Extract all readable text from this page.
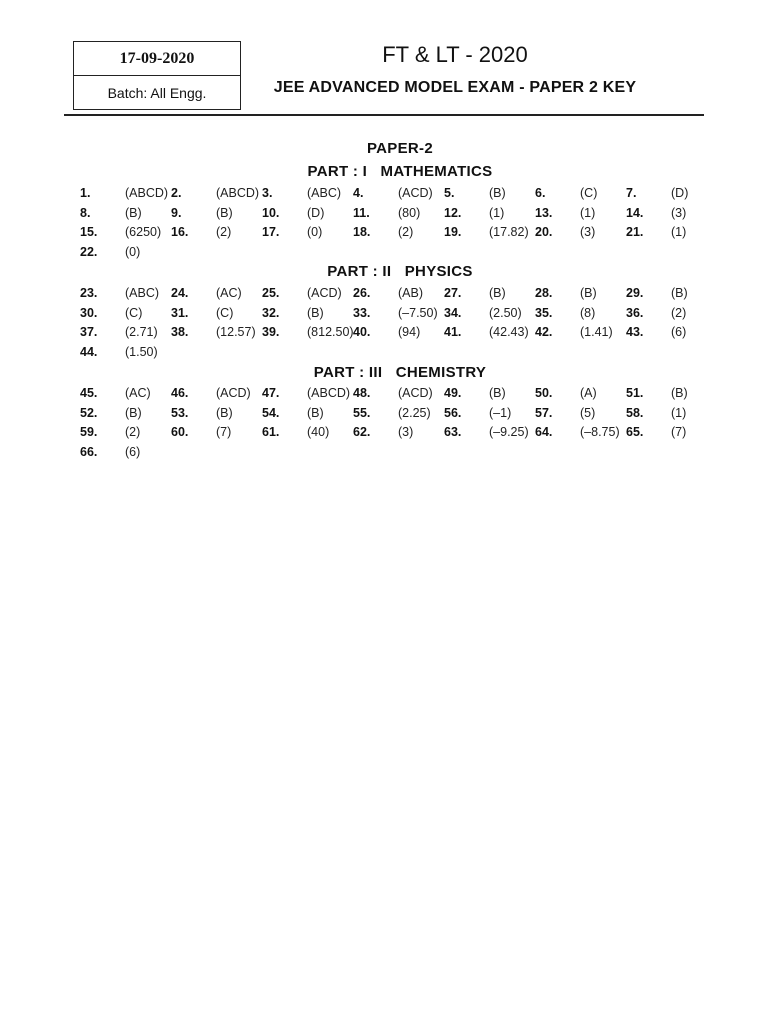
17-09-2020
Batch: All Engg.
FT & LT - 2020
JEE ADVANCED MODEL EXAM - PAPER 2 KEY
PAPER-2
PART : I   MATHEMATICS
1.	(ABCD) 2.	(ABCD) 3.	(ABC) 4.	(ACD) 5.	(B) 6.	(C) 7.	(D)
8.	(B) 9.	(B) 10. (D) 11. (80) 12. (1) 13. (1) 14. (3)
15. (6250) 16. (2) 17. (0) 18. (2) 19. (17.82) 20. (3) 21. (1)
22. (0)
PART : II   PHYSICS
23. (ABC) 24. (AC) 25. (ACD) 26. (AB) 27. (B) 28. (B) 29. (B)
30. (C) 31. (C) 32. (B) 33. (–7.50) 34. (2.50) 35. (8) 36. (2)
37. (2.71) 38. (12.57) 39. (812.50) 40. (94) 41. (42.43) 42. (1.41) 43. (6)
44. (1.50)
PART : III   CHEMISTRY
45. (AC) 46. (ACD) 47. (ABCD) 48. (ACD) 49. (B) 50. (A) 51. (B)
52. (B) 53. (B) 54. (B) 55. (2.25) 56. (–1) 57. (5) 58. (1)
59. (2) 60. (7) 61. (40) 62. (3) 63. (–9.25) 64. (–8.75) 65. (7)
66. (6)
